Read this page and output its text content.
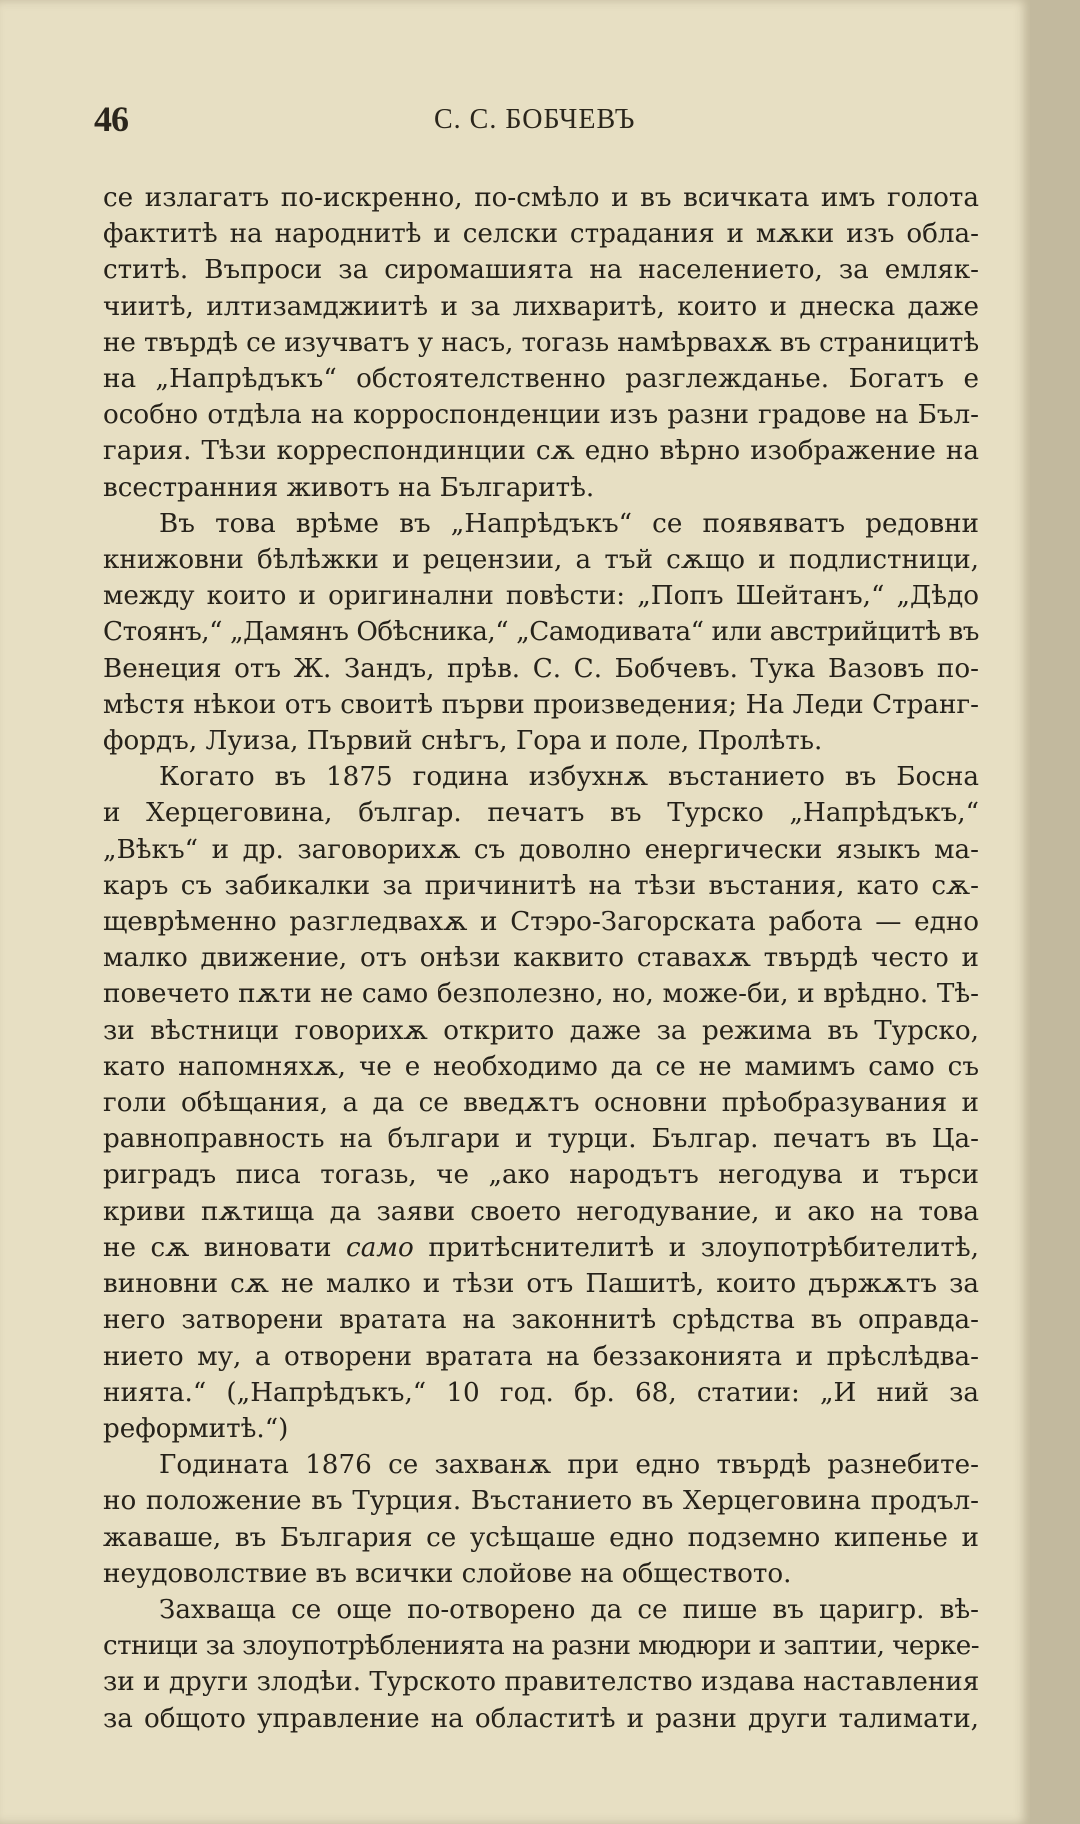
46	С. С. БОБЧЕВЪ
се излагатъ по-искренно, по-смѣло и въ всичката имъ голота
фактитѣ на народнитѣ и селски страдания и мѫки изъ обла-
ститѣ. Въпроси за сиромашията на населението, за емляк-
чиитѣ, илтизамджиитѣ и за лихваритѣ, които и днеска даже
не твърдѣ се изучватъ у насъ, тогазь намѣрвахѫ въ страницитѣ
на „Напрѣдъкъ“ обстоятелственно разглежданье. Богатъ е
особно отдѣла на корроспонденции изъ разни градове на Бъл-
гария. Тѣзи корреспондинции сѫ едно вѣрно изображение на
всестранния животъ на Българитѣ.
Въ това врѣме въ „Напрѣдъкъ“ се появяватъ редовни
книжовни бѣлѣжки и рецензии, а тъй сѫщо и подлистници,
между които и оригинални повѣсти: „Попъ Шейтанъ,“ „Дѣдо
Стоянъ,“ „Дамянъ Обѣсника,“ „Самодивата“ или австрийцитѣ въ
Венеция отъ Ж. Зандъ, прѣв. С. С. Бобчевъ. Тука Вазовъ по-
мѣстя нѣкои отъ своитѣ първи произведения; На Леди Странг-
фордъ, Луиза, Първий снѣгъ, Гора и поле, Пролѣть.
Когато въ 1875 година избухнѫ въстанието въ Босна
и Херцеговина, българ. печатъ въ Турско „Напрѣдъкъ,“
„Вѣкъ“ и др. заговорихѫ съ доволно енергически языкъ ма-
каръ съ забикалки за причинитѣ на тѣзи въстания, като сѫ-
щеврѣменно разгледвахѫ и Стэро-Загорската работа — едно
малко движение, отъ онѣзи каквито ставахѫ твърдѣ често и
повечето пѫти не само безполезно, но, може-би, и врѣдно. Тѣ-
зи вѣстници говорихѫ открито даже за режима въ Турско,
като напомняхѫ, че е необходимо да се не мамимъ само съ
голи обѣщания, а да се введѫтъ основни прѣобразувания и
равноправность на българи и турци. Българ. печатъ въ Ца-
риградъ писа тогазь, че „ако народътъ негодува и търси
криви пѫтища да заяви своето негодувание, и ако на това
не сѫ виновати само притѣснителитѣ и злоупотрѣбителитѣ,
виновни сѫ не малко и тѣзи отъ Пашитѣ, които държѫтъ за
него затворени вратата на законнитѣ срѣдства въ оправда-
нието му, а отворени вратата на беззаконията и прѣслѣдва-
нията.“ („Напрѣдъкъ,“ 10 год. бр. 68, статии: „И ний за
реформитѣ.“)
Годината 1876 се захванѫ при едно твърдѣ разнебите-
но положение въ Турция. Въстанието въ Херцеговина продъл-
жаваше, въ България се усѣщаше едно подземно кипенье и
неудоволствие въ всички слойове на обществото.
Захваща се още по-отворено да се пише въ царигр. вѣ-
стници за злоупотрѣбленията на разни мюдюри и заптии, черке-
зи и други злодѣи. Турското правителство издава наставления
за общото управление на областитѣ и разни други талимати,
